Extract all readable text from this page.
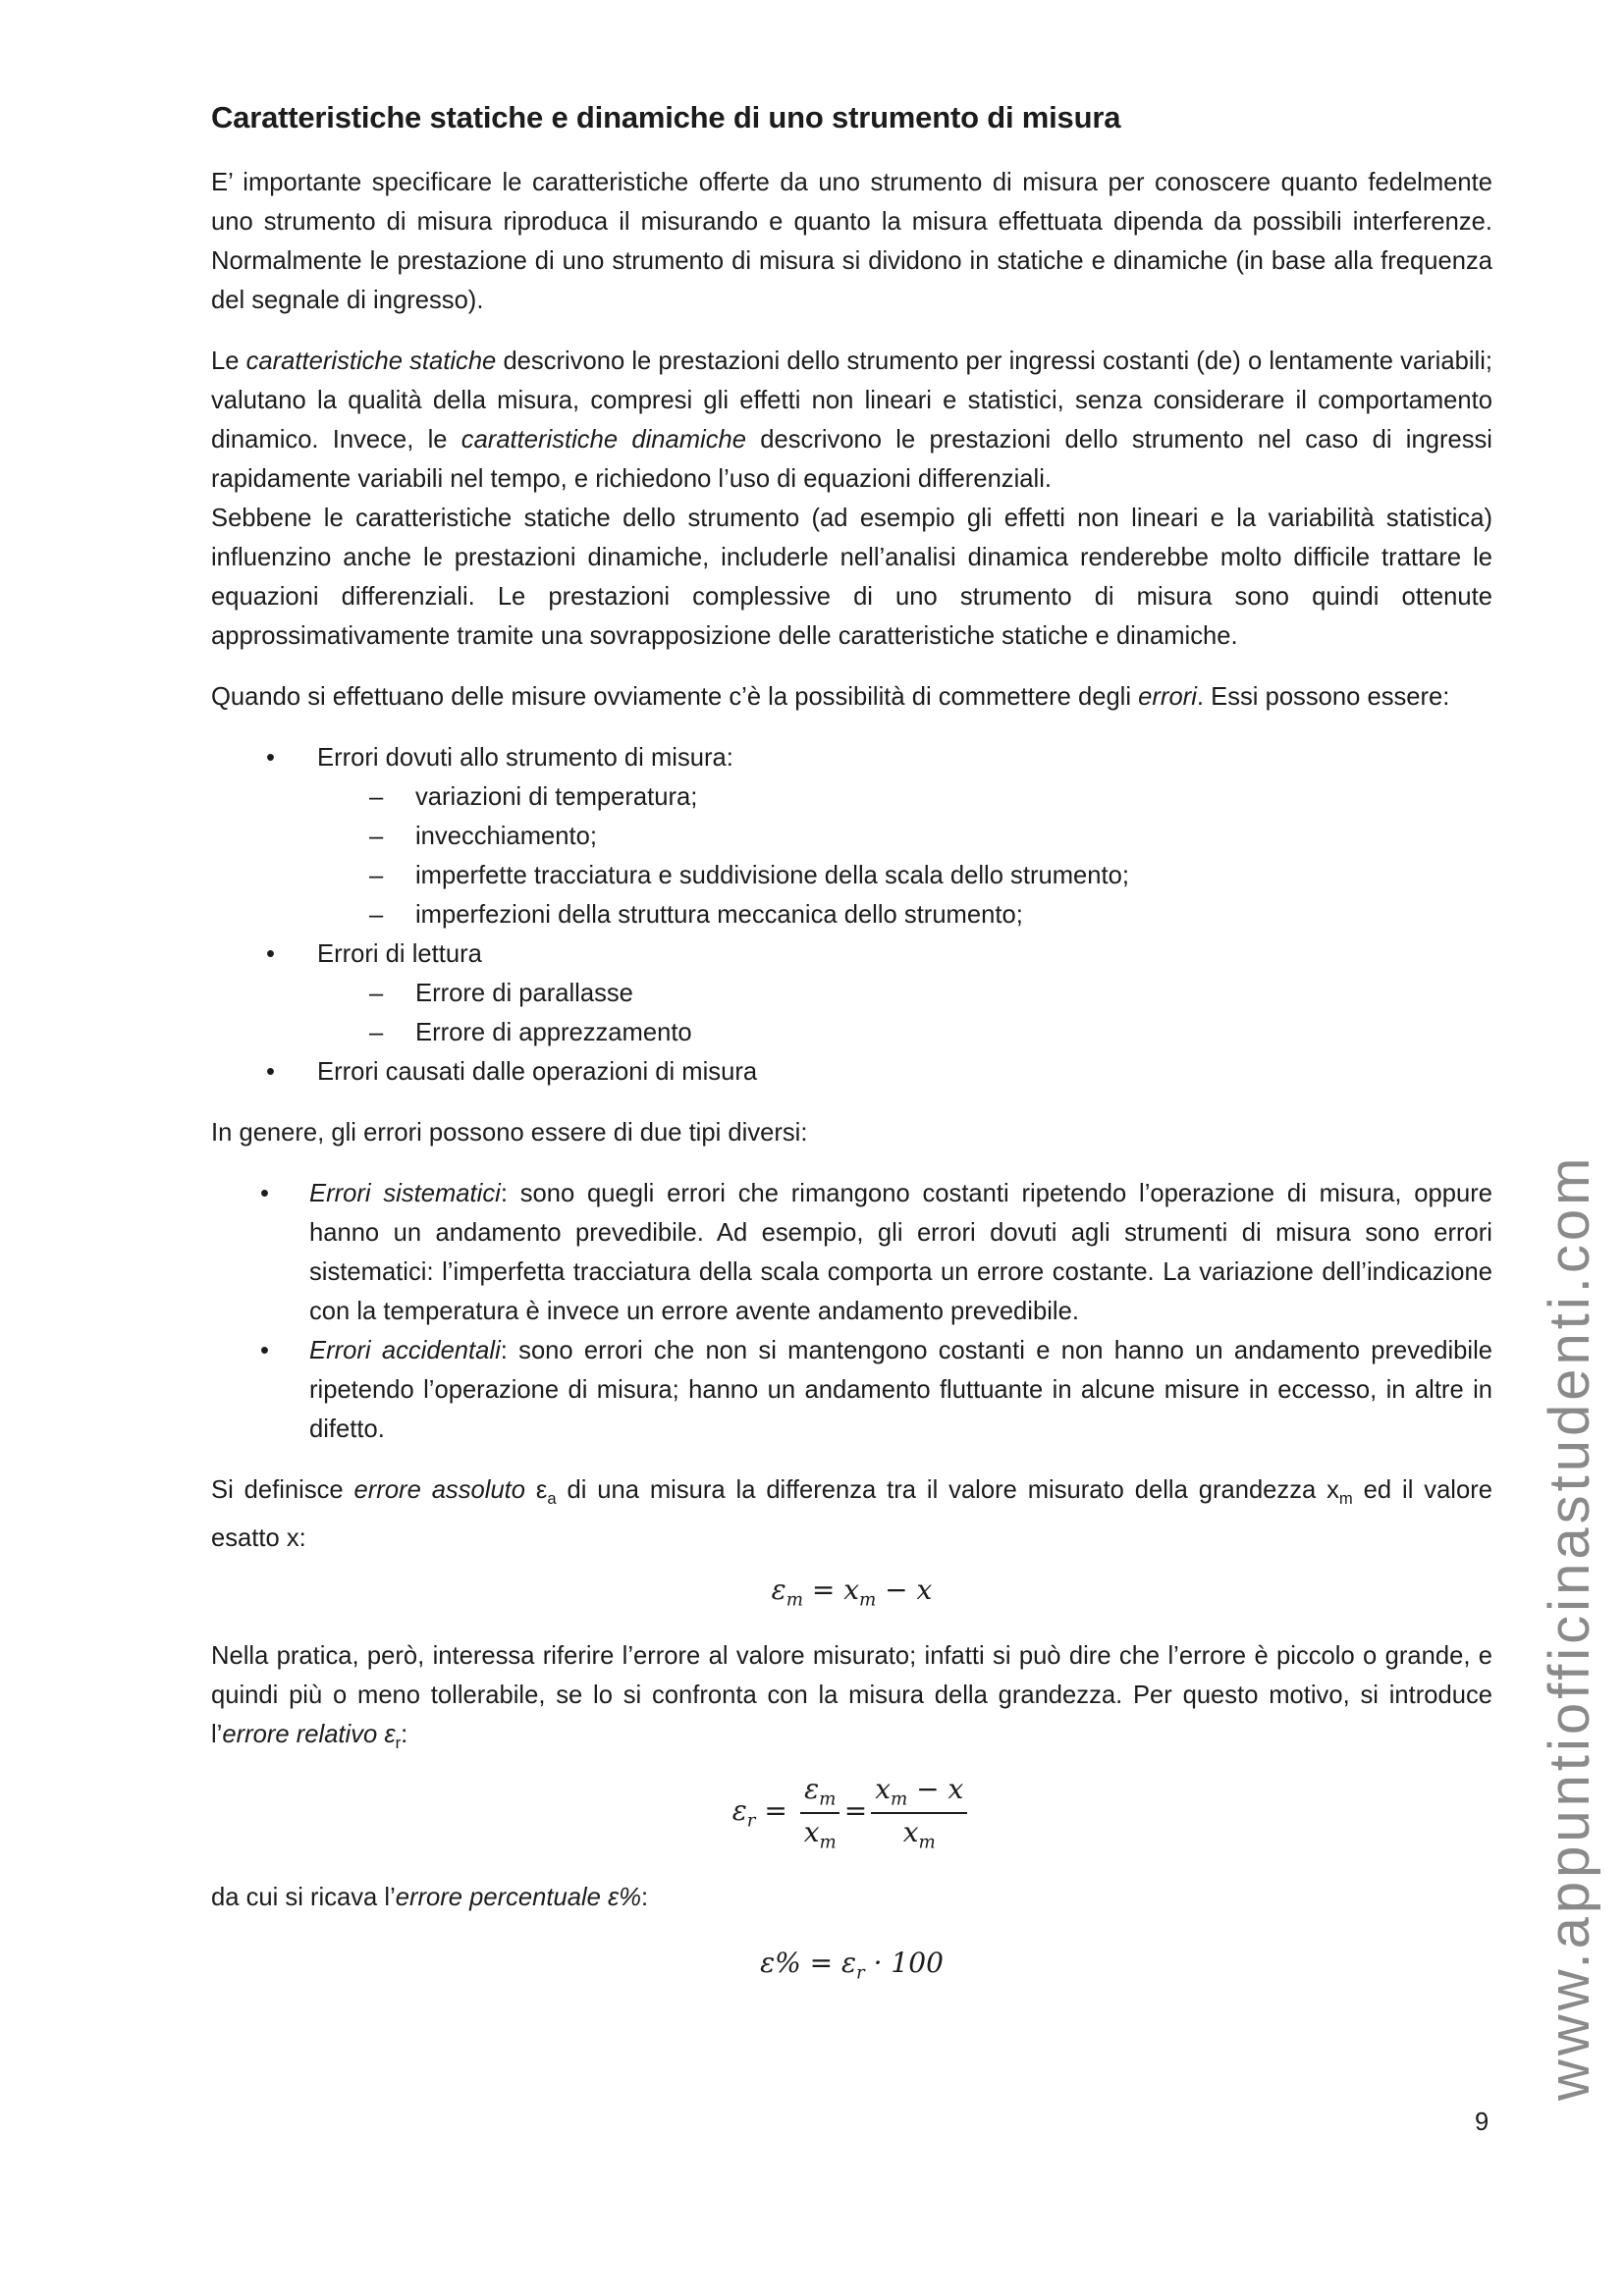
Caratteristiche statiche e dinamiche di uno strumento di misura

E’ importante specificare le caratteristiche offerte da uno strumento di misura per conoscere quanto fedelmente uno strumento di misura riproduca il misurando e quanto la misura effettuata dipenda da possibili interferenze. Normalmente le prestazione di uno strumento di misura si dividono in statiche e dinamiche (in base alla frequenza del segnale di ingresso).

Le caratteristiche statiche descrivono le prestazioni dello strumento per ingressi costanti (de) o lentamente variabili; valutano la qualità della misura, compresi gli effetti non lineari e statistici, senza considerare il comportamento dinamico. Invece, le caratteristiche dinamiche descrivono le prestazioni dello strumento nel caso di ingressi rapidamente variabili nel tempo, e richiedono l’uso di equazioni differenziali.

Sebbene le caratteristiche statiche dello strumento (ad esempio gli effetti non lineari e la variabilità statistica) influenzino anche le prestazioni dinamiche, includerle nell’analisi dinamica renderebbe molto difficile trattare le equazioni differenziali. Le prestazioni complessive di uno strumento di misura sono quindi ottenute approssimativamente tramite una sovrapposizione delle caratteristiche statiche e dinamiche.

Quando si effettuano delle misure ovviamente c’è la possibilità di commettere degli errori. Essi possono essere:

• Errori dovuti allo strumento di misura:
– variazioni di temperatura;
– invecchiamento;
– imperfette tracciatura e suddivisione della scala dello strumento;
– imperfezioni della struttura meccanica dello strumento;
• Errori di lettura
– Errore di parallasse
– Errore di apprezzamento
• Errori causati dalle operazioni di misura

In genere, gli errori possono essere di due tipi diversi:

• Errori sistematici: sono quegli errori che rimangono costanti ripetendo l’operazione di misura, oppure hanno un andamento prevedibile. Ad esempio, gli errori dovuti agli strumenti di misura sono errori sistematici: l’imperfetta tracciatura della scala comporta un errore costante. La variazione dell’indicazione con la temperatura è invece un errore avente andamento prevedibile.
• Errori accidentali: sono errori che non si mantengono costanti e non hanno un andamento prevedibile ripetendo l’operazione di misura; hanno un andamento fluttuante in alcune misure in eccesso, in altre in difetto.

Si definisce errore assoluto $\varepsilon_a$ di una misura la differenza tra il valore misurato della grandezza $x_m$ ed il valore esatto x:

$\varepsilon_m = x_m - x$

Nella pratica, però, interessa riferire l’errore al valore misurato; infatti si può dire che l’errore è piccolo o grande, e quindi più o meno tollerabile, se lo si confronta con la misura della grandezza. Per questo motivo, si introduce l’errore relativo $\varepsilon_r$:

$\varepsilon_r = \frac{\varepsilon_m}{x_m} = \frac{x_m - x}{x_m}$

da cui si ricava l’errore percentuale ε%:

$\varepsilon\% = \varepsilon_r \cdot 100$
9
www.appuntiofficinastudenti.com
